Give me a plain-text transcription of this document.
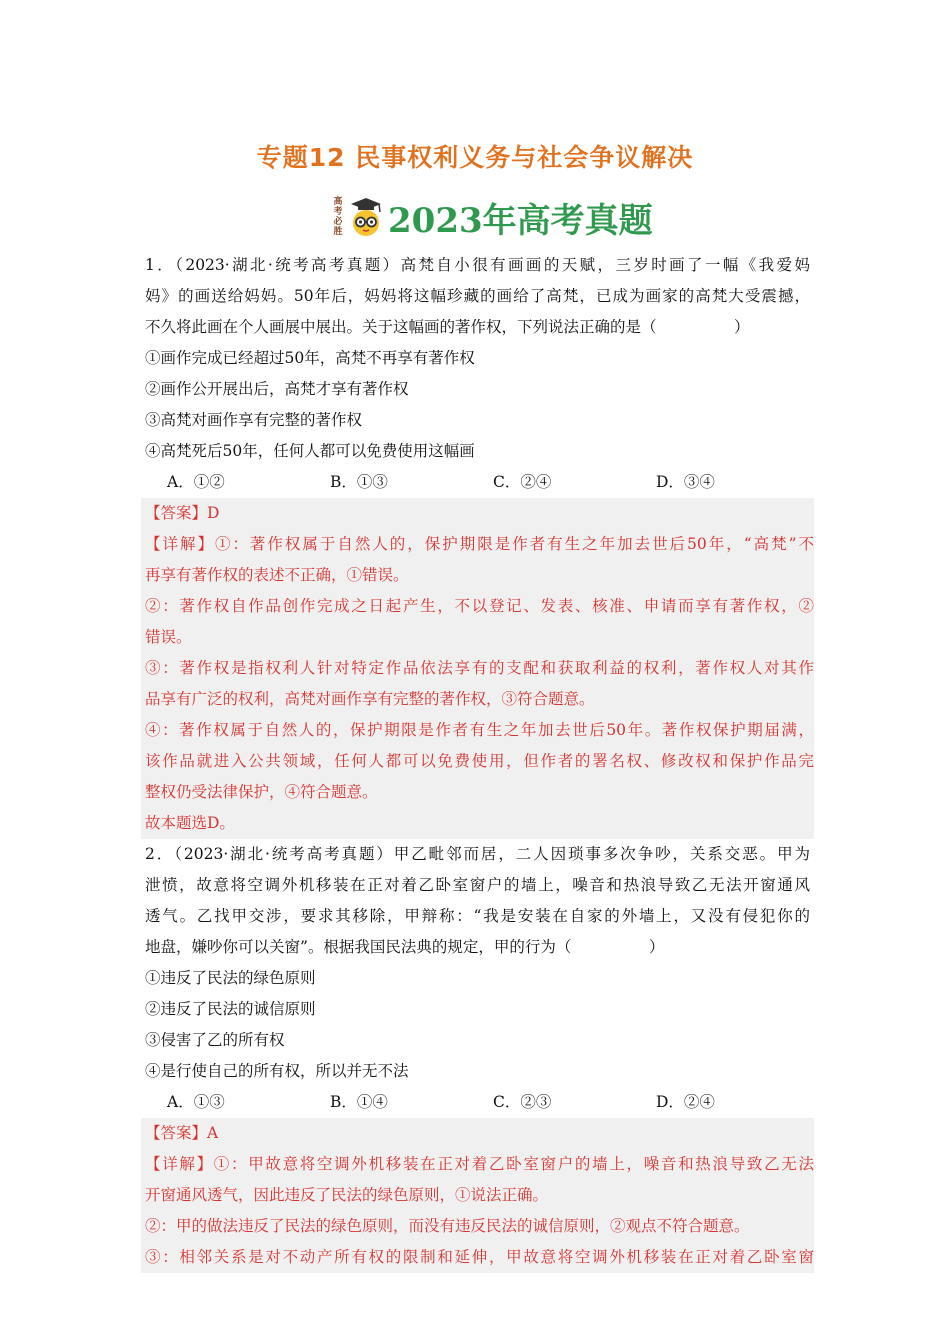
专题12 民事权利义务与社会争议解决
高考必胜 2023年高考真题
1．（2023·湖北·统考高考真题）高梵自小很有画画的天赋，三岁时画了一幅《我爱妈
妈》的画送给妈妈。50年后，妈妈将这幅珍藏的画给了高梵，已成为画家的高梵大受震撼，
不久将此画在个人画展中展出。关于这幅画的著作权，下列说法正确的是（　　　　　）
①画作完成已经超过50年，高梵不再享有著作权
②画作公开展出后，高梵才享有著作权
③高梵对画作享有完整的著作权
④高梵死后50年，任何人都可以免费使用这幅画
A．①②	B．①③	C．②④	D．③④
【答案】D
【详解】①：著作权属于自然人的，保护期限是作者有生之年加去世后50年，“高梵”不
再享有著作权的表述不正确，①错误。
②：著作权自作品创作完成之日起产生，不以登记、发表、核准、申请而享有著作权，②
错误。
③：著作权是指权利人针对特定作品依法享有的支配和获取利益的权利，著作权人对其作
品享有广泛的权利，高梵对画作享有完整的著作权，③符合题意。
④：著作权属于自然人的，保护期限是作者有生之年加去世后50年。著作权保护期届满，
该作品就进入公共领域，任何人都可以免费使用，但作者的署名权、修改权和保护作品完
整权仍受法律保护，④符合题意。
故本题选D。
2．（2023·湖北·统考高考真题）甲乙毗邻而居，二人因琐事多次争吵，关系交恶。甲为
泄愤，故意将空调外机移装在正对着乙卧室窗户的墙上，噪音和热浪导致乙无法开窗通风
透气。乙找甲交涉，要求其移除，甲辩称：“我是安装在自家的外墙上，又没有侵犯你的
地盘，嫌吵你可以关窗”。根据我国民法典的规定，甲的行为（　　　　　）
①违反了民法的绿色原则
②违反了民法的诚信原则
③侵害了乙的所有权
④是行使自己的所有权，所以并无不法
A．①③	B．①④	C．②③	D．②④
【答案】A
【详解】①：甲故意将空调外机移装在正对着乙卧室窗户的墙上，噪音和热浪导致乙无法
开窗通风透气，因此违反了民法的绿色原则，①说法正确。
②：甲的做法违反了民法的绿色原则，而没有违反民法的诚信原则，②观点不符合题意。
③：相邻关系是对不动产所有权的限制和延伸，甲故意将空调外机移装在正对着乙卧室窗
